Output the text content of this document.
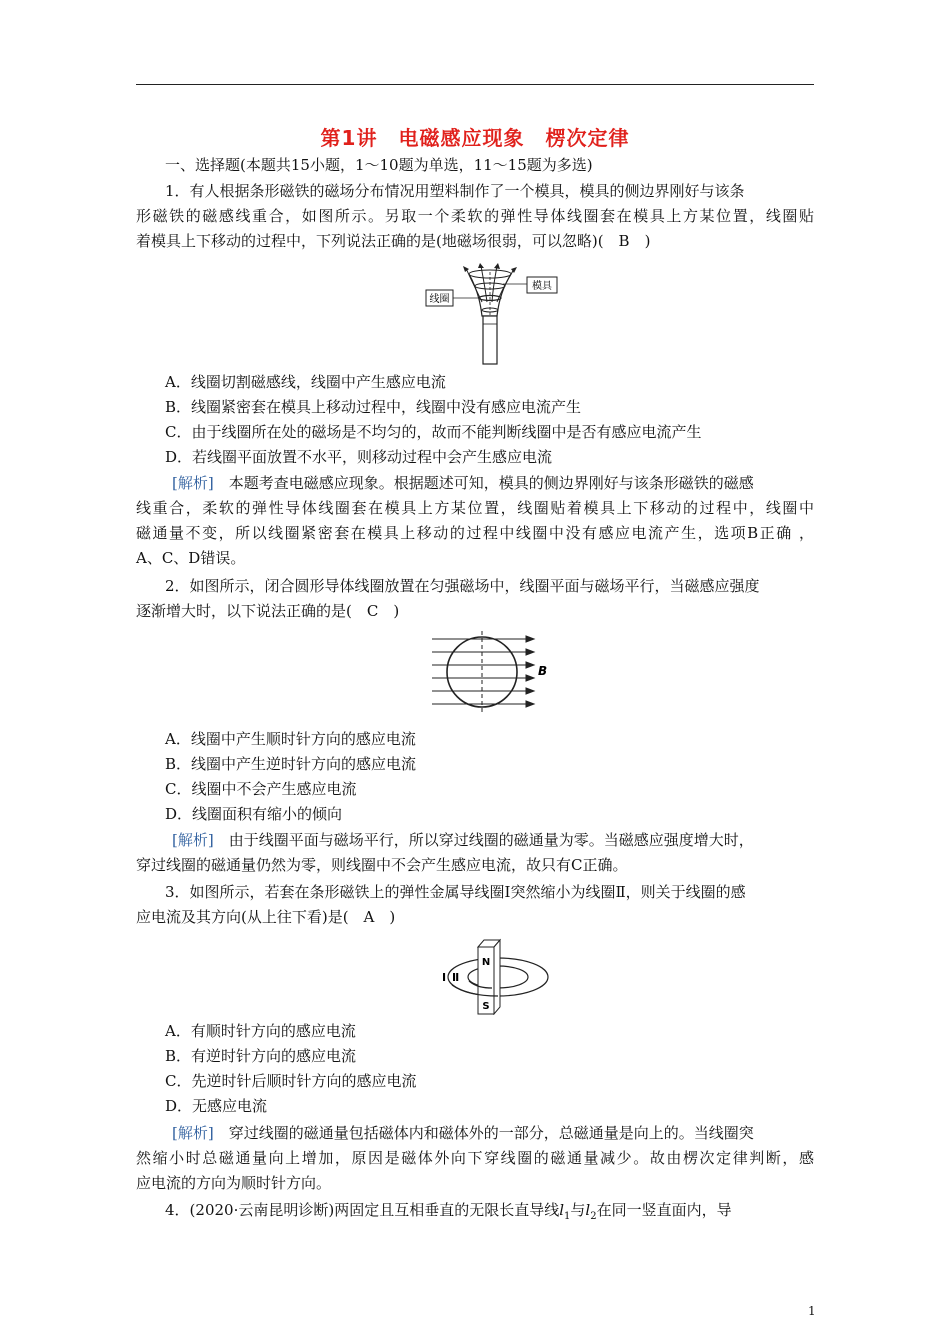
第1讲　电磁感应现象　楞次定律
一、选择题(本题共15小题，1～10题为单选，11～15题为多选)
1．有人根据条形磁铁的磁场分布情况用塑料制作了一个模具，模具的侧边界刚好与该条
形磁铁的磁感线重合，如图所示。另取一个柔软的弹性导体线圈套在模具上方某位置，线圈贴
着模具上下移动的过程中，下列说法正确的是(地磁场很弱，可以忽略)(　B　)
线圈
模具
A．线圈切割磁感线，线圈中产生感应电流
B．线圈紧密套在模具上移动过程中，线圈中没有感应电流产生
C．由于线圈所在处的磁场是不均匀的，故而不能判断线圈中是否有感应电流产生
D．若线圈平面放置不水平，则移动过程中会产生感应电流
[解析]　本题考查电磁感应现象。根据题述可知，模具的侧边界刚好与该条形磁铁的磁感
线重合，柔软的弹性导体线圈套在模具上方某位置，线圈贴着模具上下移动的过程中，线圈中
磁通量不变，所以线圈紧密套在模具上移动的过程中线圈中没有感应电流产生，选项B正确 ，
A、C、D错误。
2．如图所示，闭合圆形导体线圈放置在匀强磁场中，线圈平面与磁场平行，当磁感应强度
逐渐增大时，以下说法正确的是(　C　)
B
A．线圈中产生顺时针方向的感应电流
B．线圈中产生逆时针方向的感应电流
C．线圈中不会产生感应电流
D．线圈面积有缩小的倾向
[解析]　由于线圈平面与磁场平行，所以穿过线圈的磁通量为零。当磁感应强度增大时，
穿过线圈的磁通量仍然为零，则线圈中不会产生感应电流，故只有C正确。
3．如图所示，若套在条形磁铁上的弹性金属导线圈Ⅰ突然缩小为线圈Ⅱ，则关于线圈的感
应电流及其方向(从上往下看)是(　A　)
N
S
Ⅰ Ⅱ
A．有顺时针方向的感应电流
B．有逆时针方向的感应电流
C．先逆时针后顺时针方向的感应电流
D．无感应电流
[解析]　穿过线圈的磁通量包括磁体内和磁体外的一部分，总磁通量是向上的。当线圈突
然缩小时总磁通量向上增加，原因是磁体外向下穿线圈的磁通量减少。故由楞次定律判断，感
应电流的方向为顺时针方向。
4．(2020·云南昆明诊断)两固定且互相垂直的无限长直导线$l_1$与$l_2$在同一竖直面内，导
1
